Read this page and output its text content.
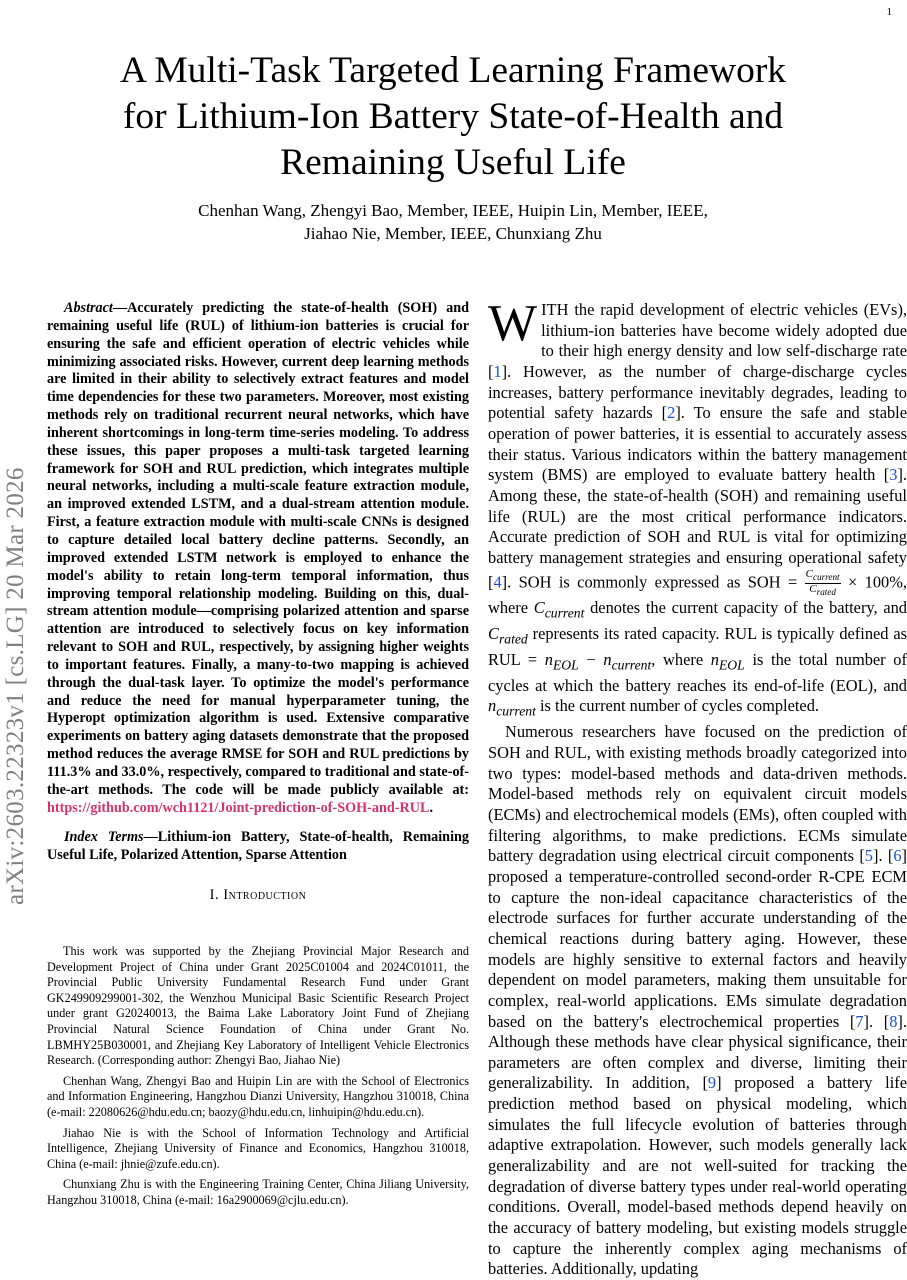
1
arXiv:2603.22323v1 [cs.LG] 20 Mar 2026
A Multi-Task Targeted Learning Framework
for Lithium-Ion Battery State-of-Health and
Remaining Useful Life
Chenhan Wang, Zhengyi Bao, Member, IEEE, Huipin Lin, Member, IEEE,
Jiahao Nie, Member, IEEE, Chunxiang Zhu

Abstract—Accurately predicting the state-of-health (SOH) and remaining useful life (RUL) of lithium-ion batteries is crucial for ensuring the safe and efficient operation of electric vehicles while minimizing associated risks. However, current deep learning methods are limited in their ability to selectively extract features and model time dependencies for these two parameters. Moreover, most existing methods rely on traditional recurrent neural networks, which have inherent shortcomings in long-term time-series modeling. To address these issues, this paper proposes a multi-task targeted learning framework for SOH and RUL prediction, which integrates multiple neural networks, including a multi-scale feature extraction module, an improved extended LSTM, and a dual-stream attention module. First, a feature extraction module with multi-scale CNNs is designed to capture detailed local battery decline patterns. Secondly, an improved extended LSTM network is employed to enhance the model's ability to retain long-term temporal information, thus improving temporal relationship modeling. Building on this, dual-stream attention module—comprising polarized attention and sparse attention are introduced to selectively focus on key information relevant to SOH and RUL, respectively, by assigning higher weights to important features. Finally, a many-to-two mapping is achieved through the dual-task layer. To optimize the model's performance and reduce the need for manual hyperparameter tuning, the Hyperopt optimization algorithm is used. Extensive comparative experiments on battery aging datasets demonstrate that the proposed method reduces the average RMSE for SOH and RUL predictions by 111.3% and 33.0%, respectively, compared to traditional and state-of-the-art methods. The code will be made publicly available at: https://github.com/wch1121/Joint-prediction-of-SOH-and-RUL.

Index Terms—Lithium-ion Battery, State-of-health, Remaining Useful Life, Polarized Attention, Sparse Attention

I. Introduction

This work was supported by the Zhejiang Provincial Major Research and Development Project of China under Grant 2025C01004 and 2024C01011, the Provincial Public University Fundamental Research Fund under Grant GK249909299001-302, the Wenzhou Municipal Basic Scientific Research Project under grant G20240013, the Baima Lake Laboratory Joint Fund of Zhejiang Provincial Natural Science Foundation of China under Grant No. LBMHY25B030001, and Zhejiang Key Laboratory of Intelligent Vehicle Electronics Research. (Corresponding author: Zhengyi Bao, Jiahao Nie)

Chenhan Wang, Zhengyi Bao and Huipin Lin are with the School of Electronics and Information Engineering, Hangzhou Dianzi University, Hangzhou 310018, China (e-mail: 22080626@hdu.edu.cn; baozy@hdu.edu.cn, linhuipin@hdu.edu.cn).

Jiahao Nie is with the School of Information Technology and Artificial Intelligence, Zhejiang University of Finance and Economics, Hangzhou 310018, China (e-mail: jhnie@zufe.edu.cn).

Chunxiang Zhu is with the Engineering Training Center, China Jiliang University, Hangzhou 310018, China (e-mail: 16a2900069@cjlu.edu.cn).

WITH the rapid development of electric vehicles (EVs), lithium-ion batteries have become widely adopted due to their high energy density and low self-discharge rate [1]. However, as the number of charge-discharge cycles increases, battery performance inevitably degrades, leading to potential safety hazards [2]. To ensure the safe and stable operation of power batteries, it is essential to accurately assess their status. Various indicators within the battery management system (BMS) are employed to evaluate battery health [3]. Among these, the state-of-health (SOH) and remaining useful life (RUL) are the most critical performance indicators. Accurate prediction of SOH and RUL is vital for optimizing battery management strategies and ensuring operational safety [4]. SOH is commonly expressed as SOH = $\frac{C_{current}}{C_{rated}} \times 100\%$, where $C_{current}$ denotes the current capacity of the battery, and $C_{rated}$ represents its rated capacity. RUL is typically defined as RUL = $n_{EOL} - n_{current}$, where $n_{EOL}$ is the total number of cycles at which the battery reaches its end-of-life (EOL), and $n_{current}$ is the current number of cycles completed.

Numerous researchers have focused on the prediction of SOH and RUL, with existing methods broadly categorized into two types: model-based methods and data-driven methods. Model-based methods rely on equivalent circuit models (ECMs) and electrochemical models (EMs), often coupled with filtering algorithms, to make predictions. ECMs simulate battery degradation using electrical circuit components [5]. [6] proposed a temperature-controlled second-order R-CPE ECM to capture the non-ideal capacitance characteristics of the electrode surfaces for further accurate understanding of the chemical reactions during battery aging. However, these models are highly sensitive to external factors and heavily dependent on model parameters, making them unsuitable for complex, real-world applications. EMs simulate degradation based on the battery's electrochemical properties [7]. [8]. Although these methods have clear physical significance, their parameters are often complex and diverse, limiting their generalizability. In addition, [9] proposed a battery life prediction method based on physical modeling, which simulates the full lifecycle evolution of batteries through adaptive extrapolation. However, such models generally lack generalizability and are not well-suited for tracking the degradation of diverse battery types under real-world operating conditions. Overall, model-based methods depend heavily on the accuracy of battery modeling, but existing models struggle to capture the inherently complex aging mechanisms of batteries. Additionally, updating
